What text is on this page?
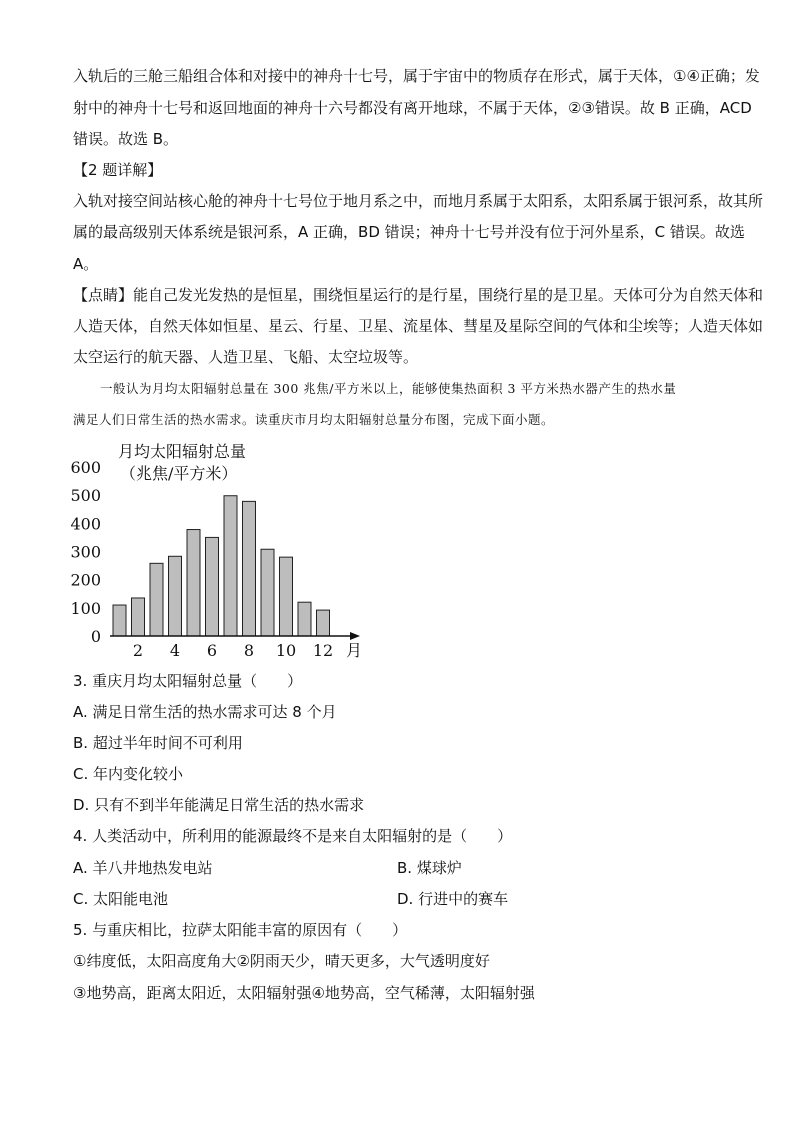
入轨后的三舱三船组合体和对接中的神舟十七号，属于宇宙中的物质存在形式，属于天体，①④正确；发
射中的神舟十七号和返回地面的神舟十六号都没有离开地球，不属于天体，②③错误。故 B 正确，ACD
错误。故选 B。
【2 题详解】
入轨对接空间站核心舱的神舟十七号位于地月系之中，而地月系属于太阳系，太阳系属于银河系，故其所
属的最高级别天体系统是银河系，A 正确，BD 错误；神舟十七号并没有位于河外星系，C 错误。故选
A。
【点睛】能自己发光发热的是恒星，围绕恒星运行的是行星，围绕行星的是卫星。天体可分为自然天体和
人造天体，自然天体如恒星、星云、行星、卫星、流星体、彗星及星际空间的气体和尘埃等；人造天体如
太空运行的航天器、人造卫星、飞船、太空垃圾等。
一般认为月均太阳辐射总量在 300 兆焦/平方米以上，能够使集热面积 3 平方米热水器产生的热水量
满足人们日常生活的热水需求。读重庆市月均太阳辐射总量分布图，完成下面小题。
月均太阳辐射总量
（兆焦/平方米）
0
100
200
300
400
500
600
2 4 6 8 10 12 月
3. 重庆月均太阳辐射总量（　　）
A. 满足日常生活的热水需求可达 8 个月
B. 超过半年时间不可利用
C. 年内变化较小
D. 只有不到半年能满足日常生活的热水需求
4. 人类活动中，所利用的能源最终不是来自太阳辐射的是（　　）
A. 羊八井地热发电站	B. 煤球炉
C. 太阳能电池	D. 行进中的赛车
5. 与重庆相比，拉萨太阳能丰富的原因有（　　）
①纬度低，太阳高度角大②阴雨天少，晴天更多，大气透明度好
③地势高，距离太阳近，太阳辐射强④地势高，空气稀薄，太阳辐射强
